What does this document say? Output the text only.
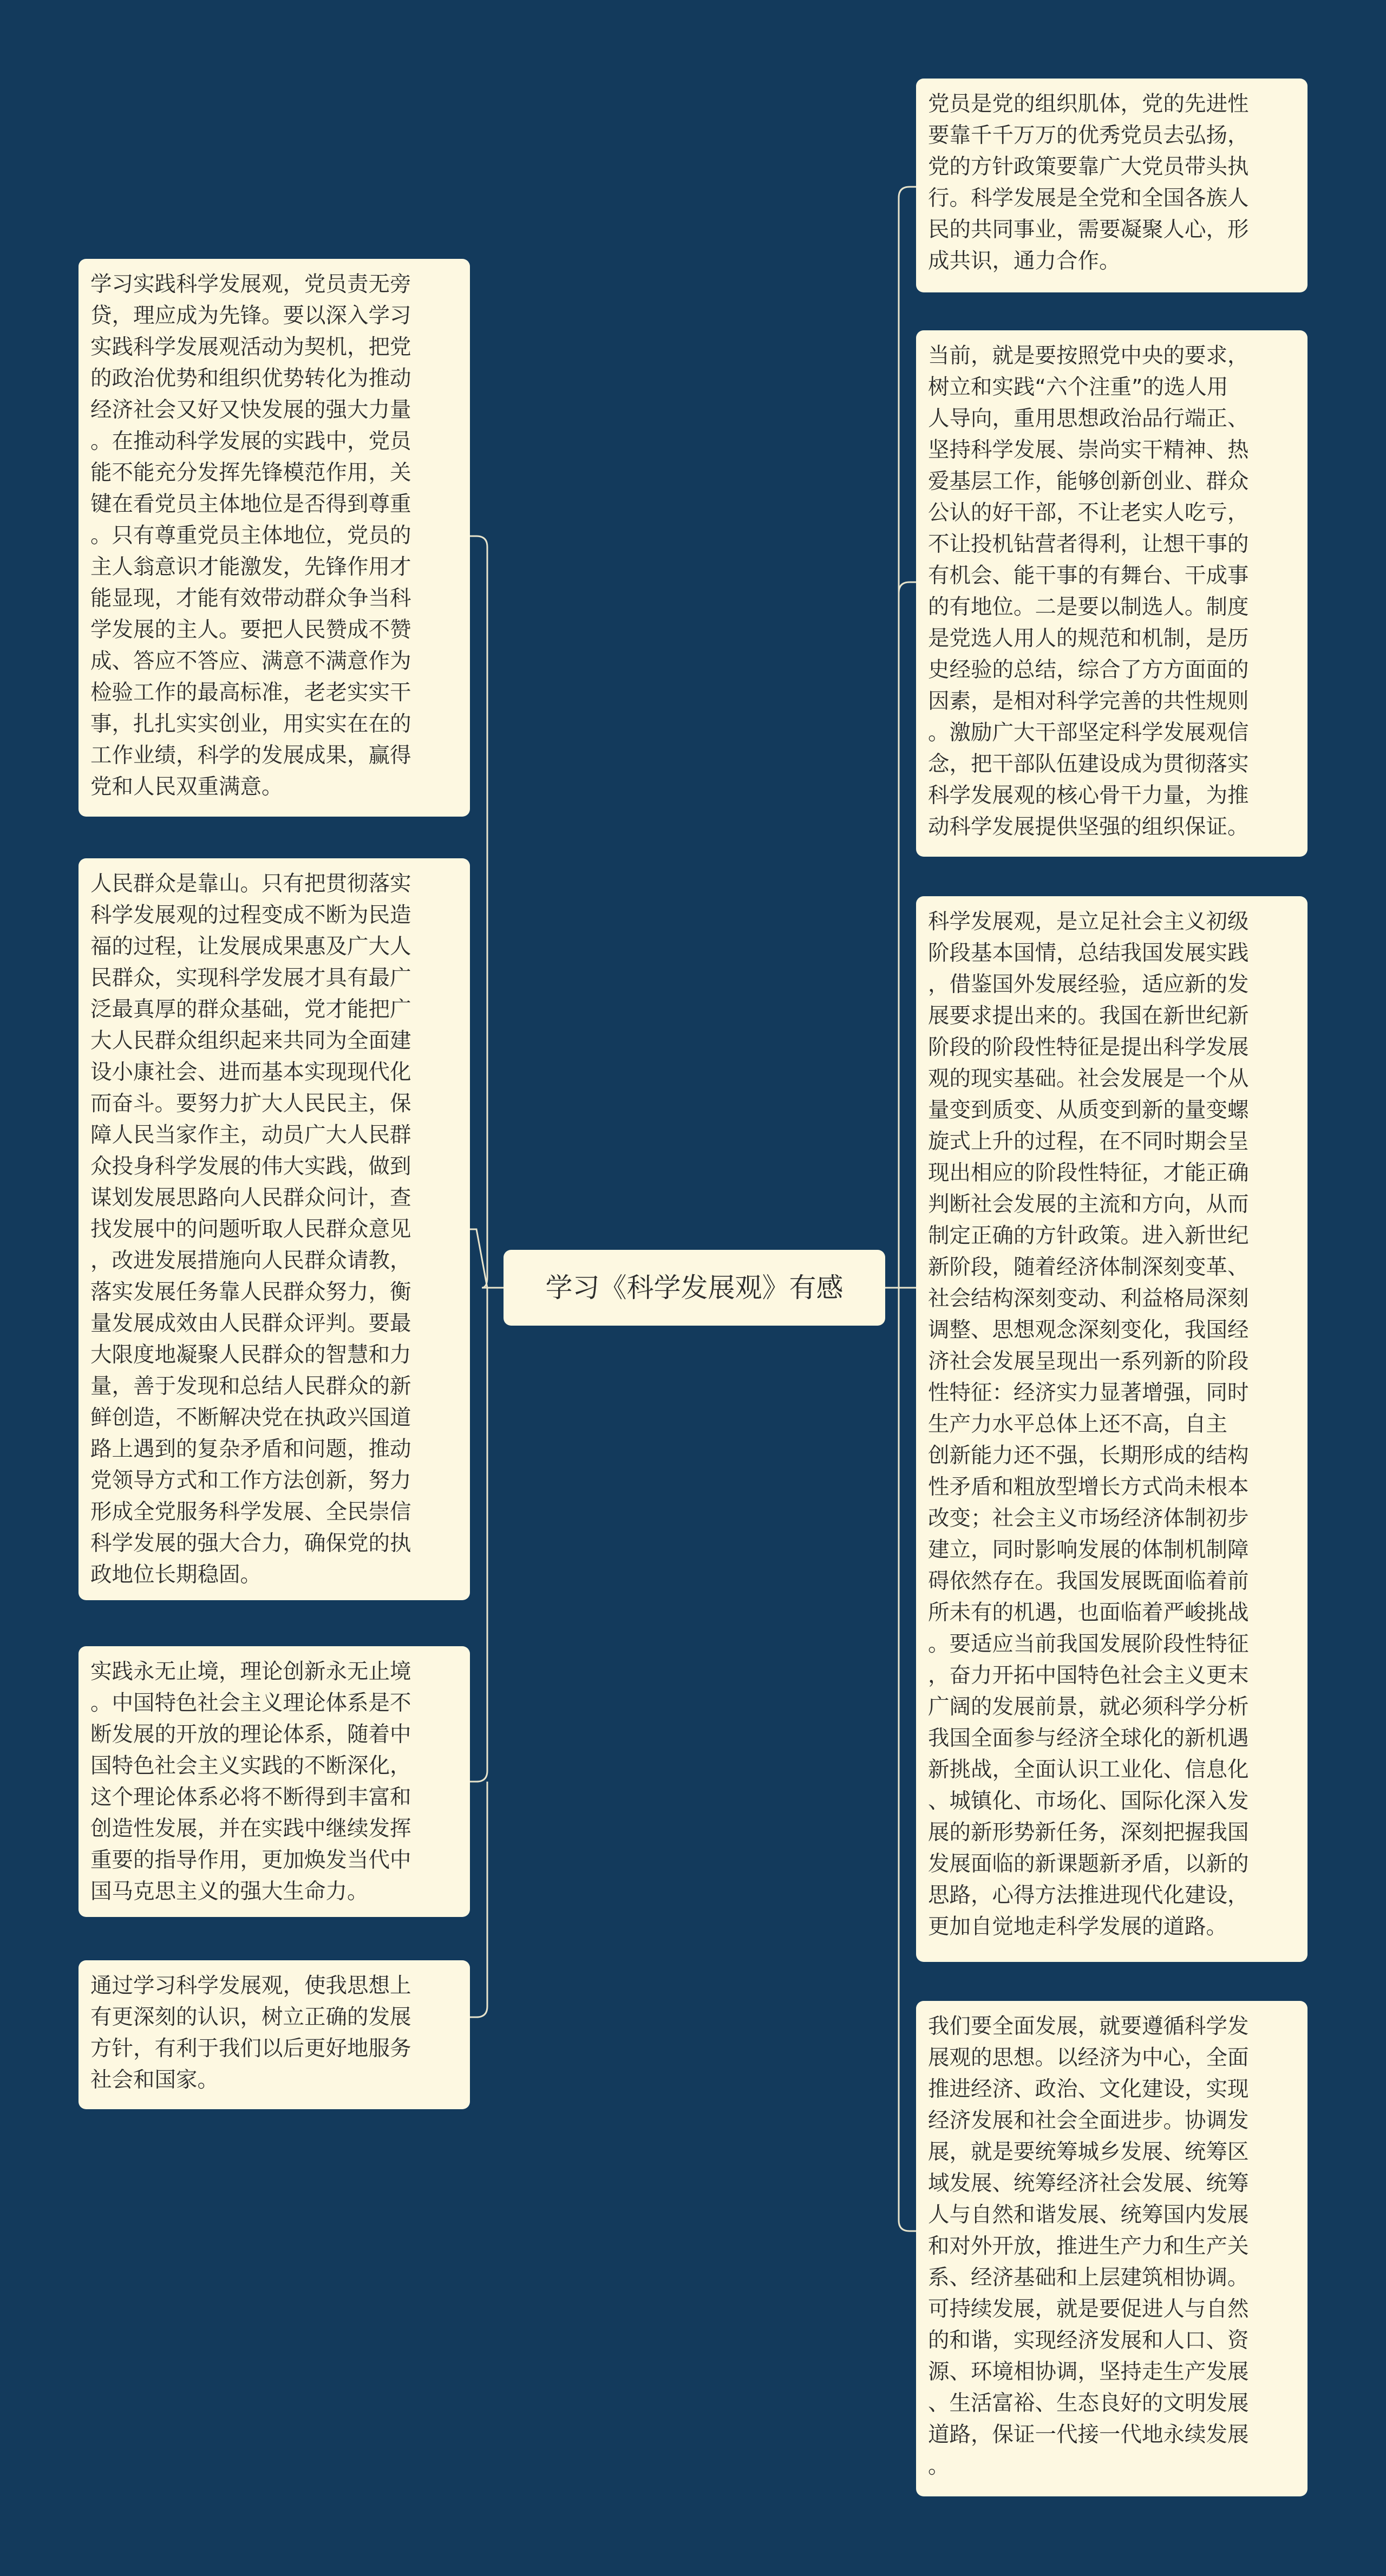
学习《科学发展观》有感
学习实践科学发展观，党员责无旁
贷，理应成为先锋。要以深入学习
实践科学发展观活动为契机，把党
的政治优势和组织优势转化为推动
经济社会又好又快发展的强大力量
。在推动科学发展的实践中，党员
能不能充分发挥先锋模范作用，关
键在看党员主体地位是否得到尊重
。只有尊重党员主体地位，党员的
主人翁意识才能激发，先锋作用才
能显现，才能有效带动群众争当科
学发展的主人。要把人民赞成不赞
成、答应不答应、满意不满意作为
检验工作的最高标准，老老实实干
事，扎扎实实创业，用实实在在的
工作业绩，科学的发展成果，赢得
党和人民双重满意。
人民群众是靠山。只有把贯彻落实
科学发展观的过程变成不断为民造
福的过程，让发展成果惠及广大人
民群众，实现科学发展才具有最广
泛最真厚的群众基础，党才能把广
大人民群众组织起来共同为全面建
设小康社会、进而基本实现现代化
而奋斗。要努力扩大人民民主，保
障人民当家作主，动员广大人民群
众投身科学发展的伟大实践，做到
谋划发展思路向人民群众问计，查
找发展中的问题听取人民群众意见
，改进发展措施向人民群众请教，
落实发展任务靠人民群众努力，衡
量发展成效由人民群众评判。要最
大限度地凝聚人民群众的智慧和力
量，善于发现和总结人民群众的新
鲜创造，不断解决党在执政兴国道
路上遇到的复杂矛盾和问题，推动
党领导方式和工作方法创新，努力
形成全党服务科学发展、全民崇信
科学发展的强大合力，确保党的执
政地位长期稳固。
实践永无止境，理论创新永无止境
。中国特色社会主义理论体系是不
断发展的开放的理论体系，随着中
国特色社会主义实践的不断深化，
这个理论体系必将不断得到丰富和
创造性发展，并在实践中继续发挥
重要的指导作用，更加焕发当代中
国马克思主义的强大生命力。
通过学习科学发展观，使我思想上
有更深刻的认识，树立正确的发展
方针，有利于我们以后更好地服务
社会和国家。
党员是党的组织肌体，党的先进性
要靠千千万万的优秀党员去弘扬，
党的方针政策要靠广大党员带头执
行。科学发展是全党和全国各族人
民的共同事业，需要凝聚人心，形
成共识，通力合作。
当前，就是要按照党中央的要求，
树立和实践“六个注重”的选人用
人导向，重用思想政治品行端正、
坚持科学发展、崇尚实干精神、热
爱基层工作，能够创新创业、群众
公认的好干部，不让老实人吃亏，
不让投机钻营者得利，让想干事的
有机会、能干事的有舞台、干成事
的有地位。二是要以制选人。制度
是党选人用人的规范和机制，是历
史经验的总结，综合了方方面面的
因素，是相对科学完善的共性规则
。激励广大干部坚定科学发展观信
念，把干部队伍建设成为贯彻落实
科学发展观的核心骨干力量，为推
动科学发展提供坚强的组织保证。
科学发展观，是立足社会主义初级
阶段基本国情，总结我国发展实践
，借鉴国外发展经验，适应新的发
展要求提出来的。我国在新世纪新
阶段的阶段性特征是提出科学发展
观的现实基础。社会发展是一个从
量变到质变、从质变到新的量变螺
旋式上升的过程，在不同时期会呈
现出相应的阶段性特征，才能正确
判断社会发展的主流和方向，从而
制定正确的方针政策。进入新世纪
新阶段，随着经济体制深刻变革、
社会结构深刻变动、利益格局深刻
调整、思想观念深刻变化，我国经
济社会发展呈现出一系列新的阶段
性特征：经济实力显著增强，同时
生产力水平总体上还不高，自主
创新能力还不强，长期形成的结构
性矛盾和粗放型增长方式尚未根本
改变；社会主义市场经济体制初步
建立，同时影响发展的体制机制障
碍依然存在。我国发展既面临着前
所未有的机遇，也面临着严峻挑战
。要适应当前我国发展阶段性特征
，奋力开拓中国特色社会主义更末
广阔的发展前景，就必须科学分析
我国全面参与经济全球化的新机遇
新挑战，全面认识工业化、信息化
、城镇化、市场化、国际化深入发
展的新形势新任务，深刻把握我国
发展面临的新课题新矛盾，以新的
思路，心得方法推进现代化建设，
更加自觉地走科学发展的道路。
我们要全面发展，就要遵循科学发
展观的思想。以经济为中心，全面
推进经济、政治、文化建设，实现
经济发展和社会全面进步。协调发
展，就是要统筹城乡发展、统筹区
域发展、统筹经济社会发展、统筹
人与自然和谐发展、统筹国内发展
和对外开放，推进生产力和生产关
系、经济基础和上层建筑相协调。
可持续发展，就是要促进人与自然
的和谐，实现经济发展和人口、资
源、环境相协调，坚持走生产发展
、生活富裕、生态良好的文明发展
道路，保证一代接一代地永续发展
。
